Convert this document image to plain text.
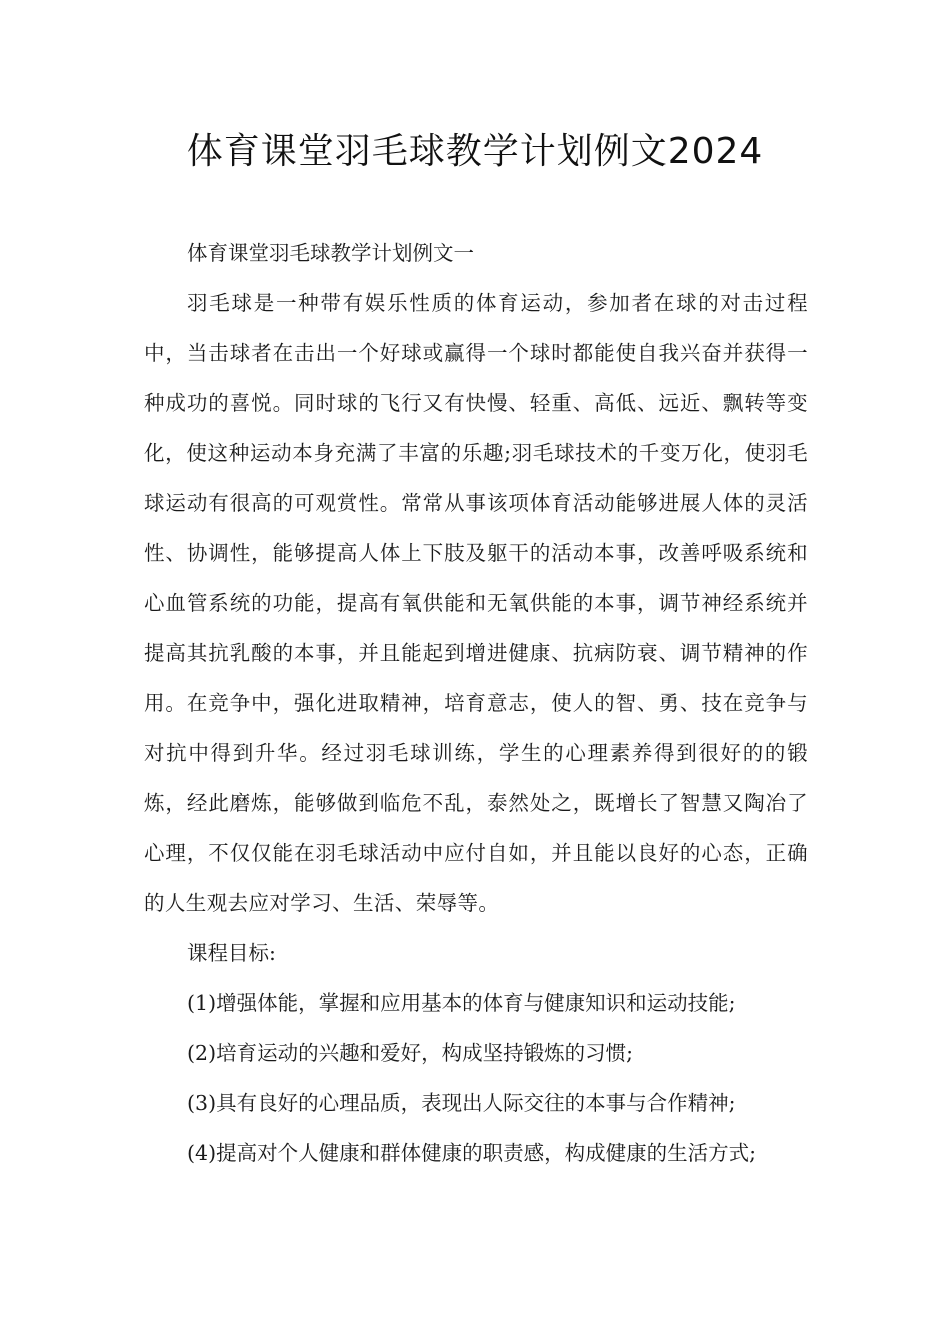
体育课堂羽毛球教学计划例文2024

体育课堂羽毛球教学计划例文一

羽毛球是一种带有娱乐性质的体育运动，参加者在球的对击过程中，当击球者在击出一个好球或赢得一个球时都能使自我兴奋并获得一种成功的喜悦。同时球的飞行又有快慢、轻重、高低、远近、飘转等变化，使这种运动本身充满了丰富的乐趣;羽毛球技术的千变万化，使羽毛球运动有很高的可观赏性。常常从事该项体育活动能够进展人体的灵活性、协调性，能够提高人体上下肢及躯干的活动本事，改善呼吸系统和心血管系统的功能，提高有氧供能和无氧供能的本事，调节神经系统并提高其抗乳酸的本事，并且能起到增进健康、抗病防衰、调节精神的作用。在竞争中，强化进取精神，培育意志，使人的智、勇、技在竞争与对抗中得到升华。经过羽毛球训练，学生的心理素养得到很好的的锻炼，经此磨炼，能够做到临危不乱，泰然处之，既增长了智慧又陶冶了心理，不仅仅能在羽毛球活动中应付自如，并且能以良好的心态，正确的人生观去应对学习、生活、荣辱等。

课程目标:

(1)增强体能，掌握和应用基本的体育与健康知识和运动技能;

(2)培育运动的兴趣和爱好，构成坚持锻炼的习惯;

(3)具有良好的心理品质，表现出人际交往的本事与合作精神;

(4)提高对个人健康和群体健康的职责感，构成健康的生活方式;
